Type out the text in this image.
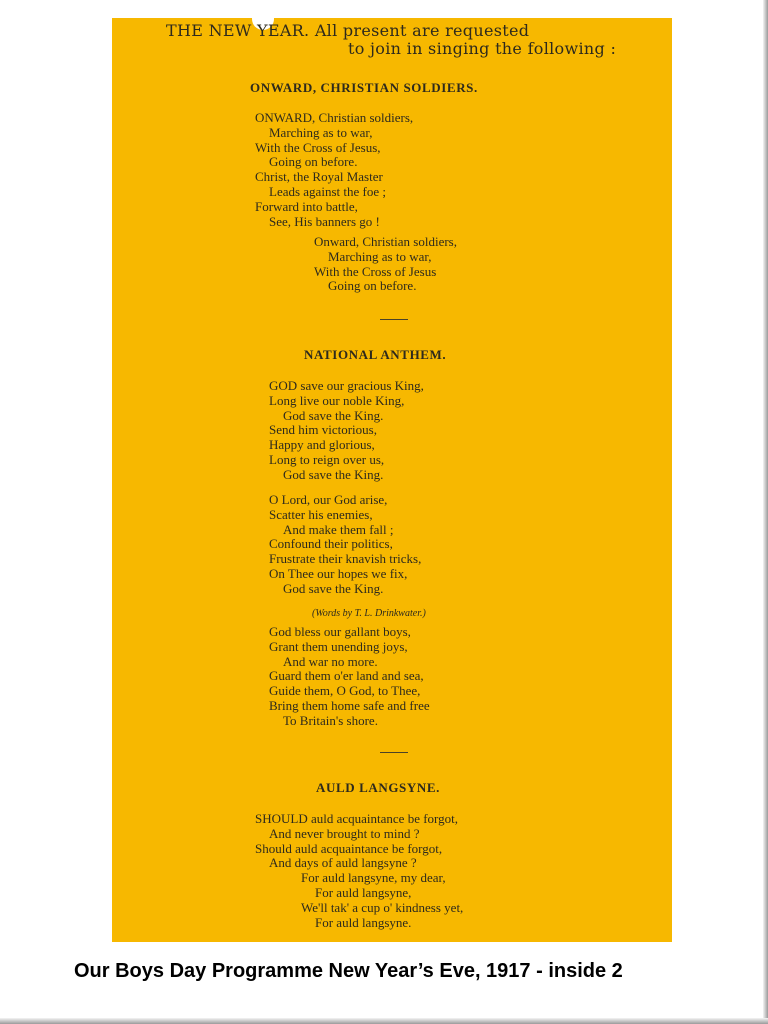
THE NEW YEAR. All present are requested
to join in singing the following :
ONWARD, CHRISTIAN SOLDIERS.
ONWARD, Christian soldiers,
Marching as to war,
With the Cross of Jesus,
Going on before.
Christ, the Royal Master
Leads against the foe ;
Forward into battle,
See, His banners go !
Onward, Christian soldiers,
Marching as to war,
With the Cross of Jesus
Going on before.
NATIONAL ANTHEM.
GOD save our gracious King,
Long live our noble King,
God save the King.
Send him victorious,
Happy and glorious,
Long to reign over us,
God save the King.
O Lord, our God arise,
Scatter his enemies,
And make them fall ;
Confound their politics,
Frustrate their knavish tricks,
On Thee our hopes we fix,
God save the King.
(Words by T. L. Drinkwater.)
God bless our gallant boys,
Grant them unending joys,
And war no more.
Guard them o'er land and sea,
Guide them, O God, to Thee,
Bring them home safe and free
To Britain's shore.
AULD LANGSYNE.
SHOULD auld acquaintance be forgot,
And never brought to mind ?
Should auld acquaintance be forgot,
And days of auld langsyne ?
For auld langsyne, my dear,
For auld langsyne,
We'll tak' a cup o' kindness yet,
For auld langsyne.
Our Boys Day Programme New Year’s Eve, 1917 - inside 2
